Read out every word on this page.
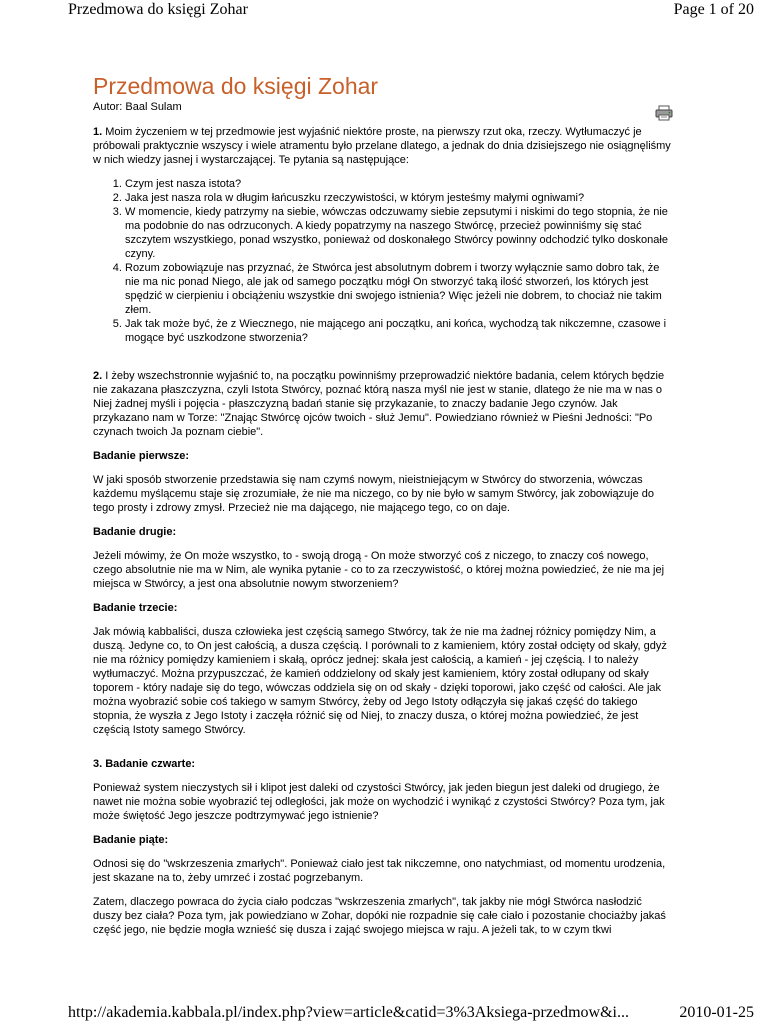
Przedmowa do księgi Zohar	Page 1 of 20
Przedmowa do księgi Zohar
Autor: Baal Sulam

1. Moim życzeniem w tej przedmowie jest wyjaśnić niektóre proste, na pierwszy rzut oka, rzeczy. Wytłumaczyć je próbowali praktycznie wszyscy i wiele atramentu było przelane dlatego, a jednak do dnia dzisiejszego nie osiągnęliśmy w nich wiedzy jasnej i wystarczającej. Te pytania są następujące:

1. Czym jest nasza istota?
2. Jaka jest nasza rola w długim łańcuszku rzeczywistości, w którym jesteśmy małymi ogniwami?
3. W momencie, kiedy patrzymy na siebie, wówczas odczuwamy siebie zepsutymi i niskimi do tego stopnia, że nie ma podobnie do nas odrzuconych. A kiedy popatrzymy na naszego Stwórcę, przecież powinniśmy się stać szczytem wszystkiego, ponad wszystko, ponieważ od doskonałego Stwórcy powinny odchodzić tylko doskonałe czyny.
4. Rozum zobowiązuje nas przyznać, że Stwórca jest absolutnym dobrem i tworzy wyłącznie samo dobro tak, że nie ma nic ponad Niego, ale jak od samego początku mógł On stworzyć taką ilość stworzeń, los których jest spędzić w cierpieniu i obciążeniu wszystkie dni swojego istnienia? Więc jeżeli nie dobrem, to chociaż nie takim złem.
5. Jak tak może być, że z Wiecznego, nie mającego ani początku, ani końca, wychodzą tak nikczemne, czasowe i mogące być uszkodzone stworzenia?

2. I żeby wszechstronnie wyjaśnić to, na początku powinniśmy przeprowadzić niektóre badania, celem których będzie nie zakazana płaszczyzna, czyli Istota Stwórcy, poznać którą nasza myśl nie jest w stanie, dlatego że nie ma w nas o Niej żadnej myśli i pojęcia - płaszczyzną badań stanie się przykazanie, to znaczy badanie Jego czynów. Jak przykazano nam w Torze: "Znając Stwórcę ojców twoich - służ Jemu". Powiedziano również w Pieśni Jedności: "Po czynach twoich Ja poznam ciebie".

Badanie pierwsze:

W jaki sposób stworzenie przedstawia się nam czymś nowym, nieistniejącym w Stwórcy do stworzenia, wówczas każdemu myślącemu staje się zrozumiałe, że nie ma niczego, co by nie było w samym Stwórcy, jak zobowiązuje do tego prosty i zdrowy zmysł. Przecież nie ma dającego, nie mającego tego, co on daje.

Badanie drugie:

Jeżeli mówimy, że On może wszystko, to - swoją drogą - On może stworzyć coś z niczego, to znaczy coś nowego, czego absolutnie nie ma w Nim, ale wynika pytanie - co to za rzeczywistość, o której można powiedzieć, że nie ma jej miejsca w Stwórcy, a jest ona absolutnie nowym stworzeniem?

Badanie trzecie:

Jak mówią kabbaliści, dusza człowieka jest częścią samego Stwórcy, tak że nie ma żadnej różnicy pomiędzy Nim, a duszą. Jedyne co, to On jest całością, a dusza częścią. I porównali to z kamieniem, który został odcięty od skały, gdyż nie ma różnicy pomiędzy kamieniem i skałą, oprócz jednej: skała jest całością, a kamień - jej częścią. I to należy wytłumaczyć. Można przypuszczać, że kamień oddzielony od skały jest kamieniem, który został odłupany od skały toporem - który nadaje się do tego, wówczas oddziela się on od skały - dzięki toporowi, jako część od całości. Ale jak można wyobrazić sobie coś takiego w samym Stwórcy, żeby od Jego Istoty odłączyła się jakaś część do takiego stopnia, że wyszła z Jego Istoty i zaczęła różnić się od Niej, to znaczy dusza, o której można powiedzieć, że jest częścią Istoty samego Stwórcy.

3. Badanie czwarte:

Ponieważ system nieczystych sił i klipot jest daleki od czystości Stwórcy, jak jeden biegun jest daleki od drugiego, że nawet nie można sobie wyobrazić tej odległości, jak może on wychodzić i wynikąć z czystości Stwórcy? Poza tym, jak może świętość Jego jeszcze podtrzymywać jego istnienie?

Badanie piąte:

Odnosi się do "wskrzeszenia zmarłych". Ponieważ ciało jest tak nikczemne, ono natychmiast, od momentu urodzenia, jest skazane na to, żeby umrzeć i zostać pogrzebanym.

Zatem, dlaczego powraca do życia ciało podczas "wskrzeszenia zmarłych", tak jakby nie mógł Stwórca nasłodzić duszy bez ciała? Poza tym, jak powiedziano w Zohar, dopóki nie rozpadnie się całe ciało i pozostanie chociażby jakaś część jego, nie będzie mogła wznieść się dusza i zająć swojego miejsca w raju. A jeżeli tak, to w czym tkwi

http://akademia.kabbala.pl/index.php?view=article&catid=3%3Aksiega-przedmow&i...	2010-01-25
